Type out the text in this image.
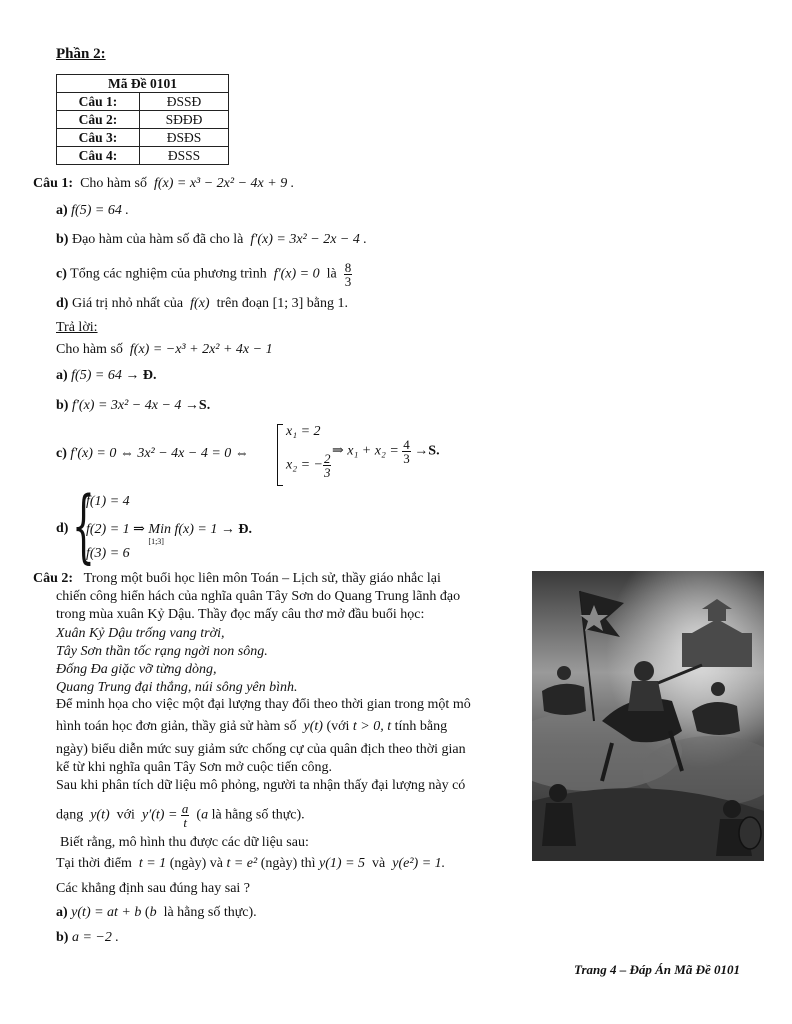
Phần 2:
Mã Đề 0101	
Câu 1:	ĐSSĐ
Câu 2:	SĐĐĐ
Câu 3:	ĐSĐS
Câu 4:	ĐSSS
Câu 1: Cho hàm số f(x) = x³ − 2x² − 4x + 9 .
a) f(5) = 64 .
b) Đạo hàm của hàm số đã cho là f′(x) = 3x² − 2x − 4 .
c) Tổng các nghiệm của phương trình f′(x) = 0 là $\frac{8}{3}$
d) Giá trị nhỏ nhất của f(x) trên đoạn [1; 3] bằng 1.
Trả lời:
Cho hàm số f(x) = −x³ + 2x² + 4x − 1
a) f(5) = 64 → Đ.
b) f′(x) = 3x² − 4x − 4 →S.
c) f′(x) = 0 ⇔ 3x² − 4x − 4 = 0 ⇔
x₁ = 2
x₂ = − $\frac{2}{3}$
⇒ $x_1 + x_2 = \frac{4}{3} \to S$.
d) {
f(1) = 4
f(2) = 1 ⇒ Min
[1;3]
f(x) = 1 → Đ.
f(3) = 6
Câu 2: Trong một buổi học liên môn Toán – Lịch sử, thầy giáo nhắc lại
chiến công hiển hách của nghĩa quân Tây Sơn do Quang Trung lãnh đạo
trong mùa xuân Kỷ Dậu. Thầy đọc mấy câu thơ mở đầu buổi học:
Xuân Kỷ Dậu trống vang trời,
Tây Sơn thần tốc rạng ngời non sông.
Đống Đa giặc vỡ từng dòng,
Quang Trung đại thắng, núi sông yên bình.
Để minh họa cho việc một đại lượng thay đổi theo thời gian trong một mô
hình toán học đơn giản, thầy giả sử hàm số y(t) (với t > 0, t tính bằng
ngày) biểu diễn mức suy giảm sức chống cự của quân địch theo thời gian
kể từ khi nghĩa quân Tây Sơn mở cuộc tiến công.
Sau khi phân tích dữ liệu mô phỏng, người ta nhận thấy đại lượng này có
dạng y(t) với $y'(t) = \frac{a}{t} (a$ là hằng số thực).
Biết rằng, mô hình thu được các dữ liệu sau:
Tại thời điểm t = 1 (ngày) và t = e² (ngày) thì y(1) = 5 và y(e²) = 1.
Các khẳng định sau đúng hay sai ?
a) y(t) = at + b (b là hằng số thực).
b) a = −2 .
Trang 4 – Đáp Án Mã Đề 0101
